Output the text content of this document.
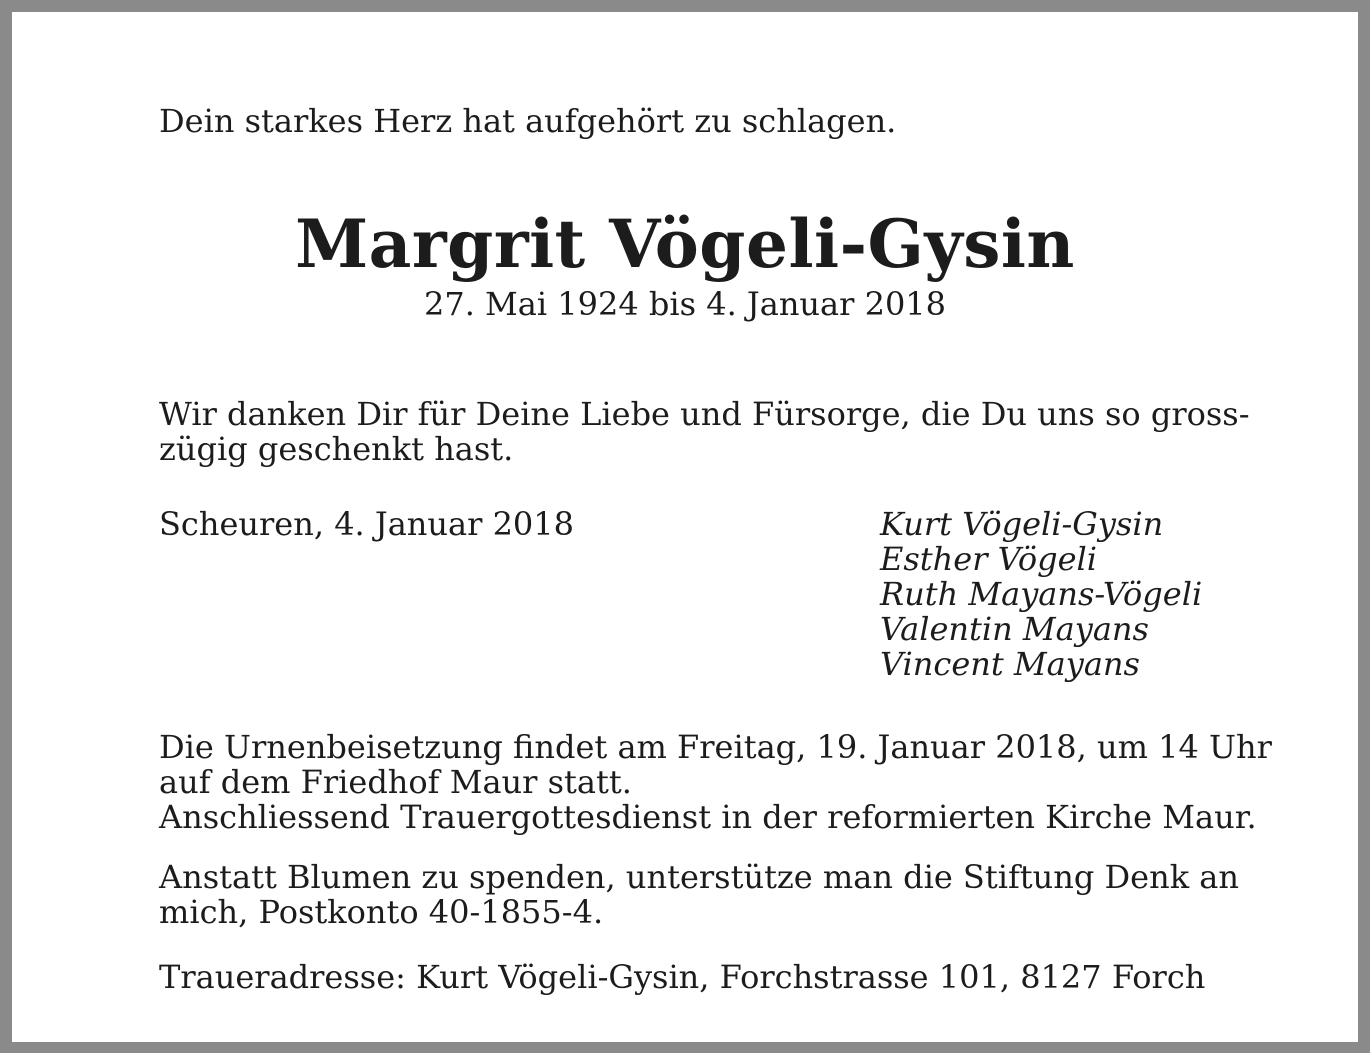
Dein starkes Herz hat aufgehört zu schlagen.

Margrit Vögeli-Gysin

27. Mai 1924 bis 4. Januar 2018

Wir danken Dir für Deine Liebe und Fürsorge, die Du uns so gross-
zügig geschenkt hast.

Scheuren, 4. Januar 2018	Kurt Vögeli-Gysin
Esther Vögeli
Ruth Mayans-Vögeli
Valentin Mayans
Vincent Mayans
Die Urnenbeisetzung findet am Freitag, 19. Januar 2018, um 14 Uhr
auf dem Friedhof Maur statt.
Anschliessend Trauergottesdienst in der reformierten Kirche Maur.
Anstatt Blumen zu spenden, unterstütze man die Stiftung Denk an
mich, Postkonto 40-1855-4.

Traueradresse: Kurt Vögeli-Gysin, Forchstrasse 101, 8127 Forch
